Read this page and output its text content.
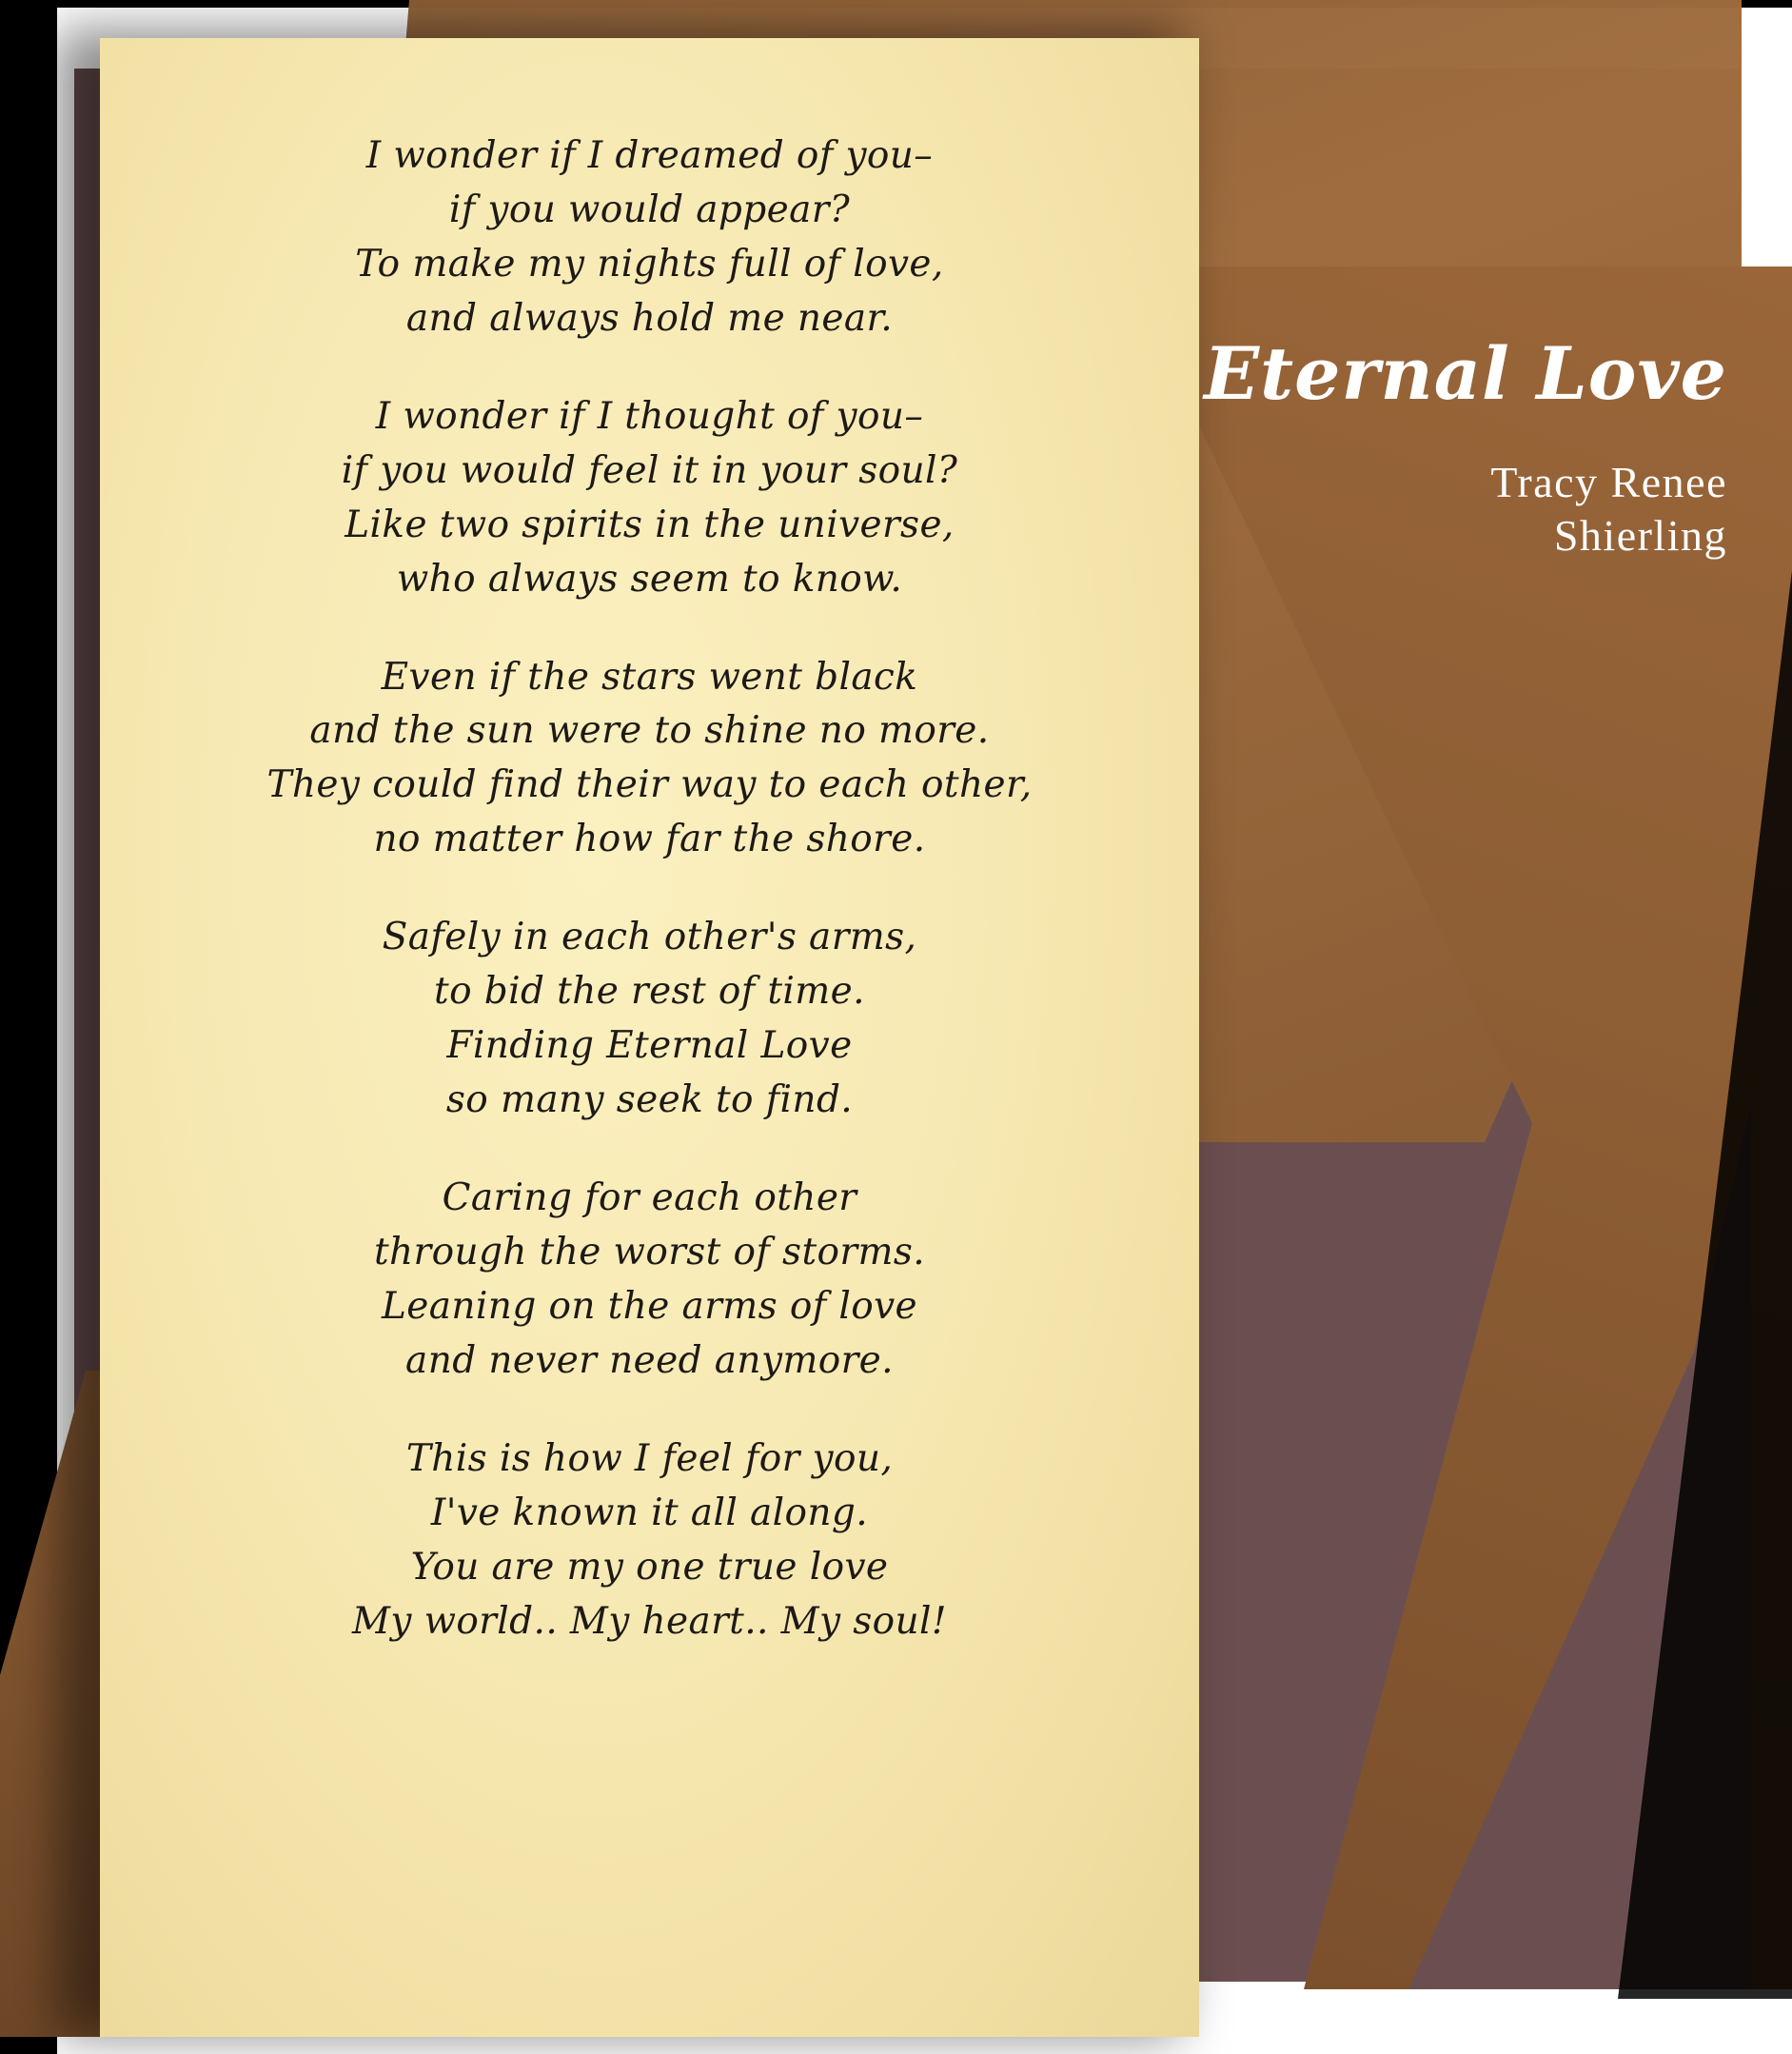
I wonder if I dreamed of you–
if you would appear?
To make my nights full of love,
and always hold me near.
I wonder if I thought of you–
if you would feel it in your soul?
Like two spirits in the universe,
who always seem to know.
Even if the stars went black
and the sun were to shine no more.
They could find their way to each other,
no matter how far the shore.
Safely in each other's arms,
to bid the rest of time.
Finding Eternal Love
so many seek to find.
Caring for each other
through the worst of storms.
Leaning on the arms of love
and never need anymore.
This is how I feel for you,
I've known it all along.
You are my one true love
My world.. My heart.. My soul!
Eternal Love
Tracy Renee
Shierling
